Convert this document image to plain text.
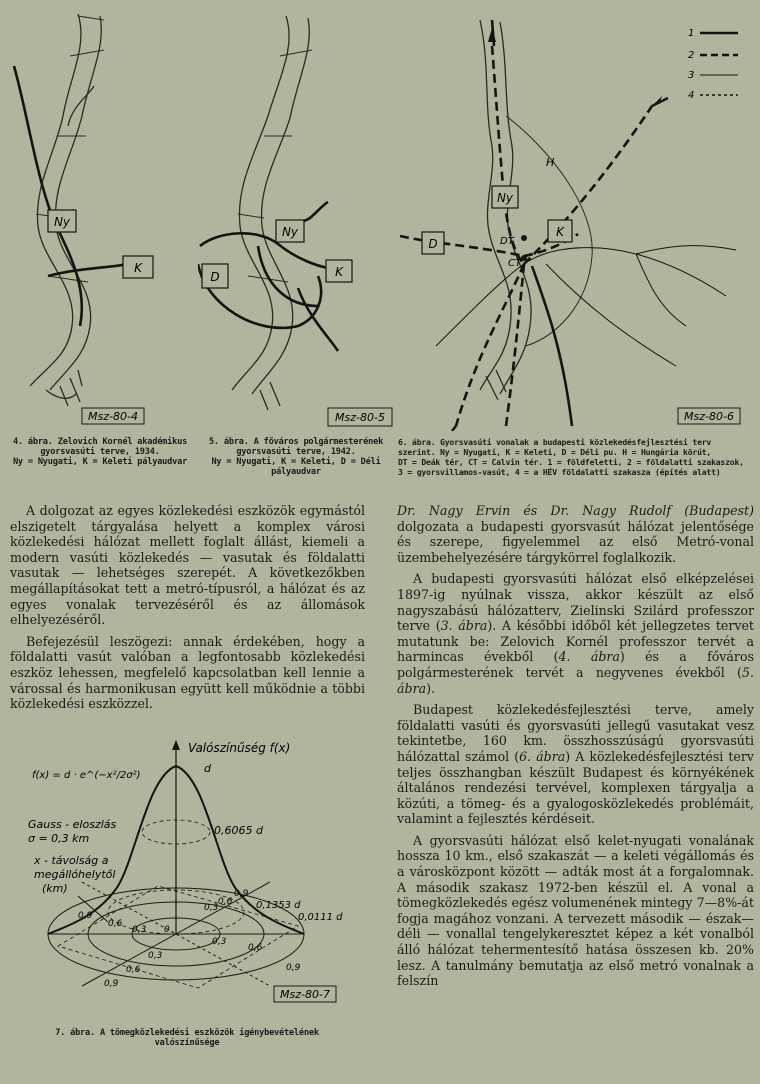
Ny
K
Msz-80-4
4. ábra. Zelovich Kornél akadémikus
gyorsvasúti terve, 1934.
Ny = Nyugati, K = Keleti pályaudvar
Ny
K
D
Msz-80-5
5. ábra. A főváros polgármesterének
gyorsvasúti terve, 1942.
Ny = Nyugati, K = Keleti, D = Déli
pályaudvar
1
2
3
4
Ny
K
D
H
DT
CT
Msz-80-6
6. ábra. Gyorsvasúti vonalak a budapesti közlekedésfejlesztési terv
szerint. Ny = Nyugati, K = Keleti, D = Déli pu. H = Hungária körút,
DT = Deák tér, CT = Calvin tér. 1 = földfeletti, 2 = földalatti szakaszok,
3 = gyorsvillamos-vasút, 4 = a HÉV földalatti szakasza (építés alatt)

A dolgozat az egyes közlekedési eszközök egymástól elszigetelt tárgyalása helyett a komplex városi közlekedési hálózat mellett foglalt állást, kiemeli a modern vasúti közlekedés — vasutak és földalatti vasutak — lehetséges szerepét. A következőkben megállapításokat tett a metró-típusról, a hálózat és az egyes vonalak tervezéséről és az állomások elhelyezéséről.

Befejezésül leszögezi: annak érdekében, hogy a földalatti vasút valóban a legfontosabb közlekedési eszköz lehessen, megfelelő kapcsolatban kell lennie a várossal és harmonikusan együtt kell működnie a többi közlekedési eszközzel.

Valószínűség f(x)
d
f(x) = d · e^(−x²/2σ²)
Gauss - eloszlás
σ = 0,3 km
x - távolság a
megállóhelytől
(km)
0,6065 d
0,1353 d
0,0111 d
0,9
0,6
0,3 0
0,3
0,6
0,9
0,9
0,6
0,3
0,3
0,6
0,9
Msz-80-7
7. ábra. A tömegközlekedési eszközök igénybevételének
valószínűsége

Dr. Nagy Ervin és Dr. Nagy Rudolf (Budapest) dolgozata a budapesti gyorsvasút hálózat jelentősége és szerepe, figyelemmel az első Metró-vonal üzembehelyezésére tárgykörrel foglalkozik.

A budapesti gyorsvasúti hálózat első elképzelései 1897-ig nyúlnak vissza, akkor készült az első nagyszabású hálózatterv, Zielinski Szilárd professzor terve (3. ábra). A későbbi időből két jellegzetes tervet mutatunk be: Zelovich Kornél professzor tervét a harmincas évekből (4. ábra) és a főváros polgármesterének tervét a negyvenes évekből (5. ábra).

Budapest közlekedésfejlesztési terve, amely földalatti vasúti és gyorsvasúti jellegű vasutakat vesz tekintetbe, 160 km. összhosszúságú gyorsvasúti hálózattal számol (6. ábra) A közlekedésfejlesztési terv teljes összhangban készült Budapest és környékének általános rendezési tervével, komplexen tárgyalja a közúti, a tömeg- és a gyalogosközlekedés problémáit, valamint a fejlesztés kérdéseit.

A gyorsvasúti hálózat első kelet-nyugati vonalának hossza 10 km., első szakaszát — a keleti végállomás és a városközpont között — adták most át a forgalomnak. A második szakasz 1972-ben készül el. A vonal a tömegközlekedés egész volumenének mintegy 7—8%-át fogja magához vonzani. A tervezett második — észak—déli — vonallal tengelykeresztet képez a két vonalból álló hálózat tehermentesítő hatása összesen kb. 20% lesz. A tanulmány bemutatja az első metró vonalnak a felszín
